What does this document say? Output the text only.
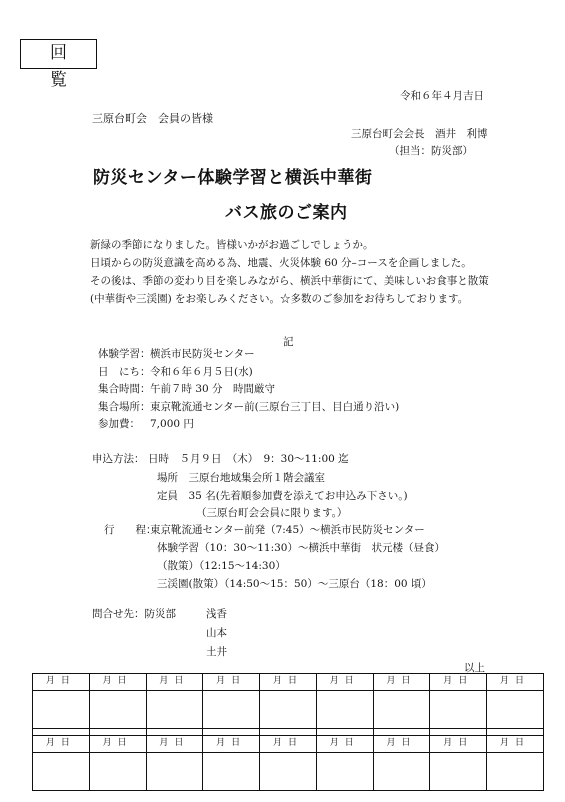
回 覧
令和６年４月吉日
三原台町会　会員の皆様
三原台町会会長　酒井　利博
（担当：防災部）
防災センター体験学習と横浜中華街
バス旅のご案内
新緑の季節になりました。皆様いかがお過ごしでしょうか。
日頃からの防災意識を高める為、地震、火災体験 60 分–コースを企画しました。
その後は、季節の変わり目を楽しみながら、横浜中華街にて、美味しいお食事と散策
(中華街や三渓園) をお楽しみください。☆多数のご参加をお待ちしております。
記
体験学習：横浜市民防災センター
日　にち：令和６年６月５日(水)
集合時間：午前７時 30 分　時間厳守
集合場所：東京靴流通センター前(三原台三丁目、目白通り沿い)
参加費： 7,000 円
申込方法： 日時　５月９日　（木）　9：30～11:00 迄
場所　三原台地域集会所１階会議室
定員　35 名(先着順参加費を添えてお申込み下さい。)
（三原台町会会員に限ります。）
行　　程：
東京靴流通センター前発（7:45）～横浜市民防災センター
体験学習（10：30～11:30）～横浜中華街　状元楼（昼食）
（散策）（12:15～14:30）
三渓園(散策）（14:50～15：50）～三原台（18：00 頃）
問合せ先：防災部	浅香
山本
土井
以上
月日	月日	月日	月日	月日	月日	月日	月日	月日

月日	月日	月日	月日	月日	月日	月日	月日	月日
